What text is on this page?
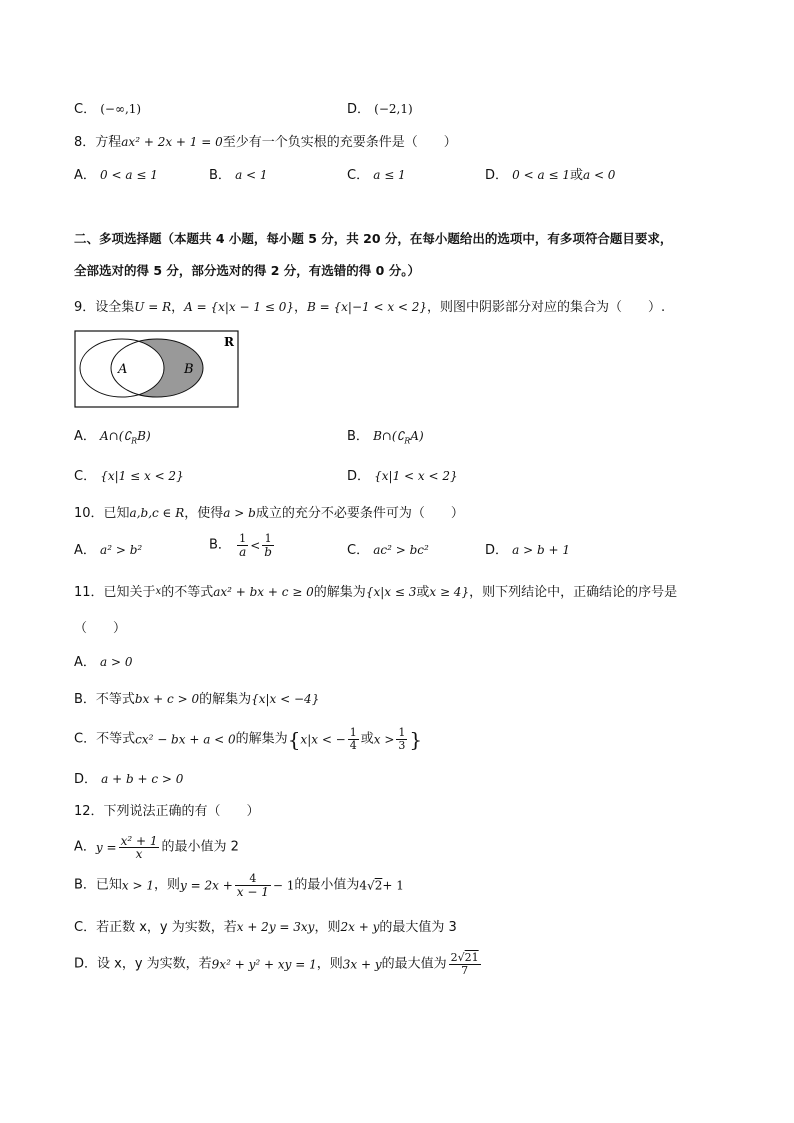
C． (−∞,1)	D． (−2,1)
8．方程ax² + 2x + 1 = 0至少有一个负实根的充要条件是（　　）
A． 0 < a ≤ 1	B． a < 1	C． a ≤ 1	D． 0 < a ≤ 1或a < 0
二、多项选择题（本题共 4 小题，每小题 5 分，共 20 分，在每小题给出的选项中，有多项符合题目要求，
全部选对的得 5 分，部分选对的得 2 分，有选错的得 0 分。）
9．设全集U = R，A = {x|x − 1 ≤ 0}，B = {x|−1 < x < 2}，则图中阴影部分对应的集合为（　　）.
A	B
R
A． $A\cap(∁_RB)$	B． $B\cap(∁_RA)$
C． {x|1 ≤ x < 2}	D． {x|1 < x < 2}
10．已知a,b,c ∈ R，使得a > b成立的充分不必要条件可为（　　）
A． a² > b²	B． $\frac{1}{a} < \frac{1}{b}$	C． ac² > bc²	D． a > b + 1
11．已知关于$^x$的不等式ax² + bx + c ≥ 0的解集为{x|x ≤ 3或x ≥ 4}，则下列结论中，正确结论的序号是
（　　）
A． a > 0
B．不等式bx + c > 0的解集为{x|x < −4}
C．不等式cx² − bx + a < 0的解集为{x|x < − $\frac{1}{4}$ 或$x > \frac{1}{3}$ }
D． a + b + c > 0
12．下列说法正确的有（　　）
A．$y = \frac{\text{x² + 1}}{x}$ 的最小值为 2
B．已知x > 1，则$y = 2x + \frac{4}{x - 1} - 1$的最小值为4√2+ 1
C．若正数 x，y 为实数，若x + 2y = 3xy，则2x + y的最大值为 3
D．设 x，y 为实数，若9x² + y² + xy = 1，则3x + y的最大值为 $\frac{2√21}{7}$
